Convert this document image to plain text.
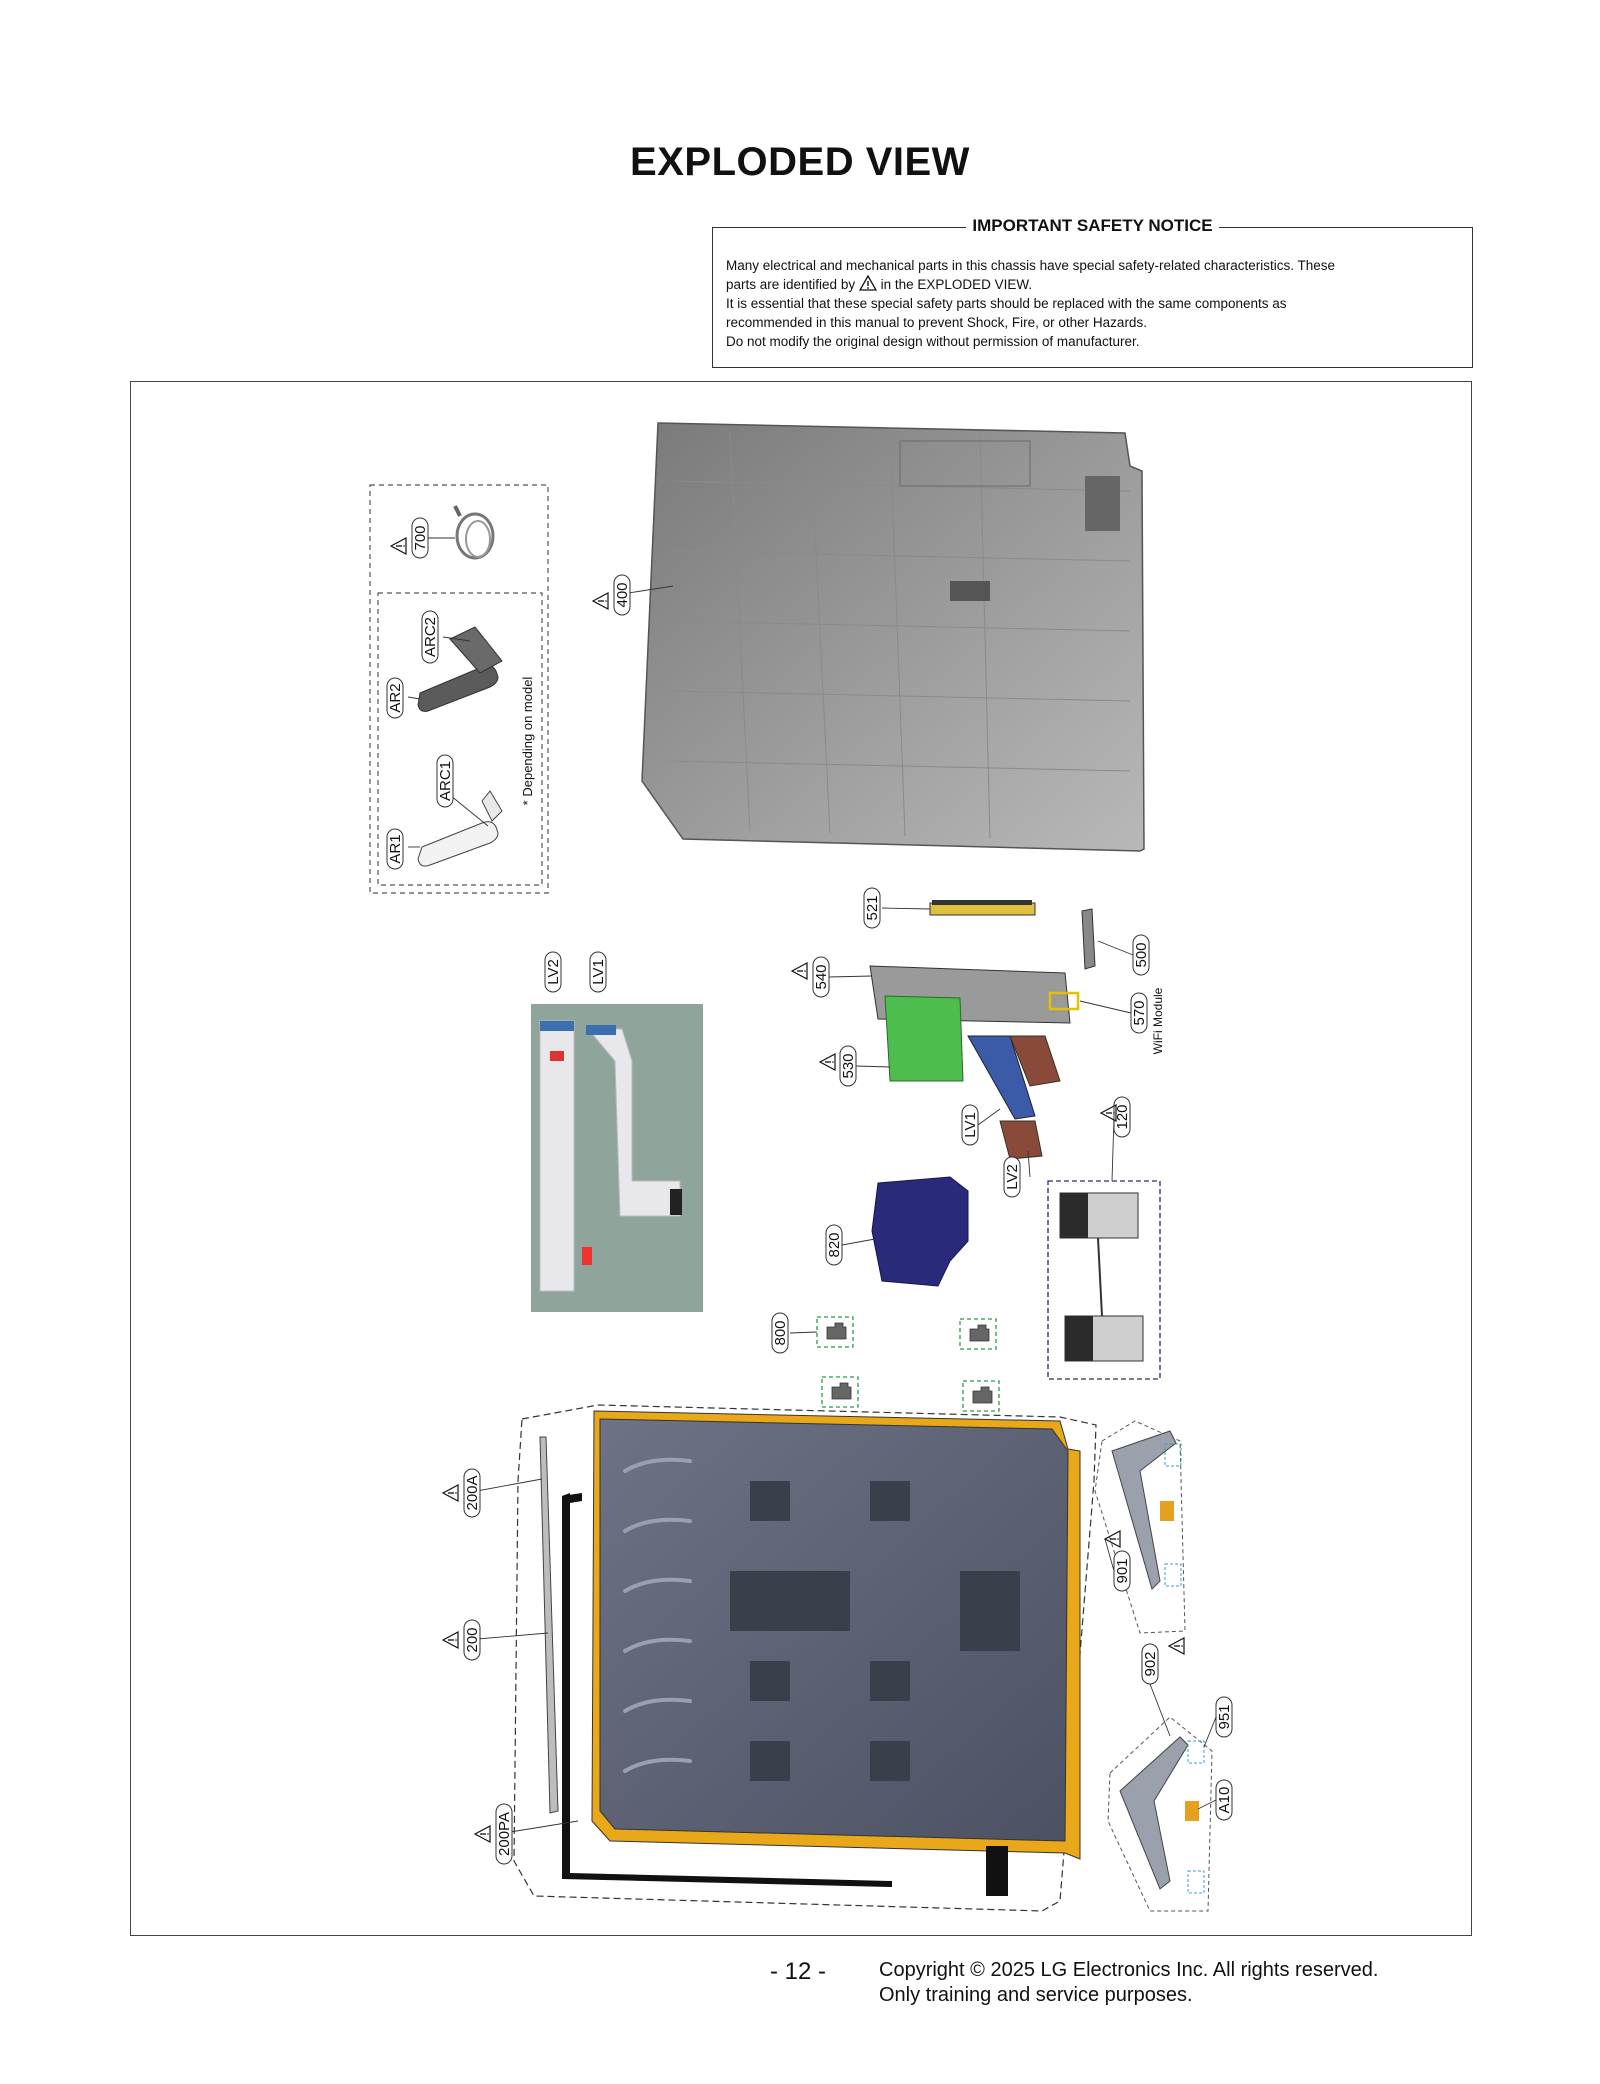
EXPLODED VIEW
IMPORTANT SAFETY NOTICE
Many electrical and mechanical parts in this chassis have special safety-related characteristics. These
parts are identified by in the EXPLODED VIEW.
It is essential that these special safety parts should be replaced with the same components as
recommended in this manual to prevent Shock, Fire, or other Hazards.
Do not modify the original design without permission of manufacturer.
700
ARC2
AR2
ARC1
AR1
400
521
500
540
570
530
LV2 LV1
LV1
LV2
120
820
800
200A
200
200PA
901
902
951
A10
* Depending on model
WiFi Module
- 12 -	Copyright © 2025 LG Electronics Inc. All rights reserved.
Only training and service purposes.
